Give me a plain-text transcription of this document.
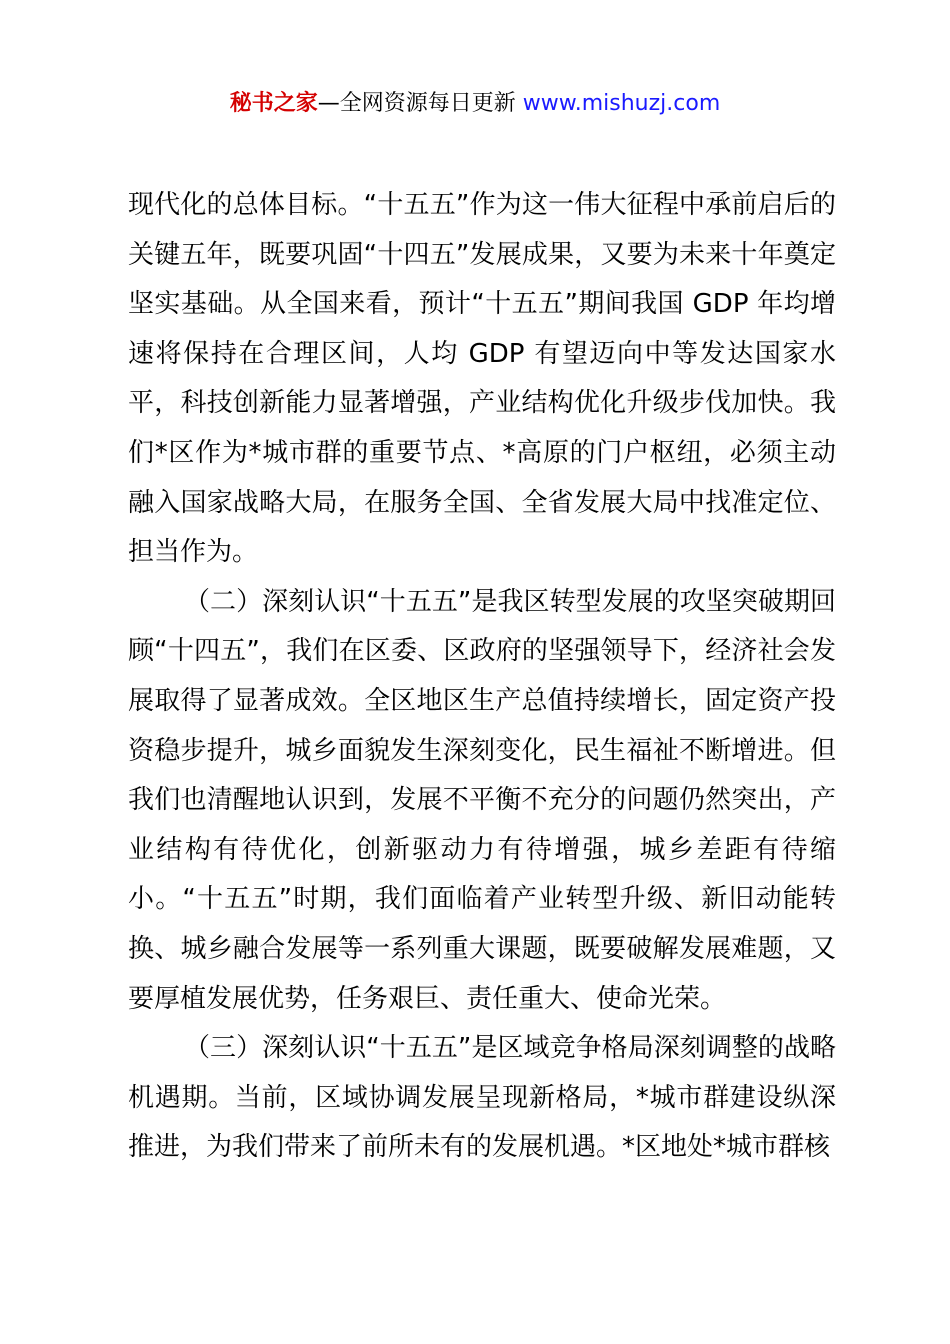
秘书之家—全网资源每日更新 www.mishuzj.com

现代化的总体目标。“十五五”作为这一伟大征程中承前启后的关键五年，既要巩固“十四五”发展成果，又要为未来十年奠定坚实基础。从全国来看，预计“十五五”期间我国 GDP 年均增速将保持在合理区间，人均 GDP 有望迈向中等发达国家水平，科技创新能力显著增强，产业结构优化升级步伐加快。我们*区作为*城市群的重要节点、*高原的门户枢纽，必须主动融入国家战略大局，在服务全国、全省发展大局中找准定位、担当作为。

（二）深刻认识“十五五”是我区转型发展的攻坚突破期回顾“十四五”，我们在区委、区政府的坚强领导下，经济社会发展取得了显著成效。全区地区生产总值持续增长，固定资产投资稳步提升，城乡面貌发生深刻变化，民生福祉不断增进。但我们也清醒地认识到，发展不平衡不充分的问题仍然突出，产业结构有待优化，创新驱动力有待增强，城乡差距有待缩小。“十五五”时期，我们面临着产业转型升级、新旧动能转换、城乡融合发展等一系列重大课题，既要破解发展难题，又要厚植发展优势，任务艰巨、责任重大、使命光荣。

（三）深刻认识“十五五”是区域竞争格局深刻调整的战略机遇期。当前，区域协调发展呈现新格局，*城市群建设纵深推进，为我们带来了前所未有的发展机遇。*区地处*城市群核
